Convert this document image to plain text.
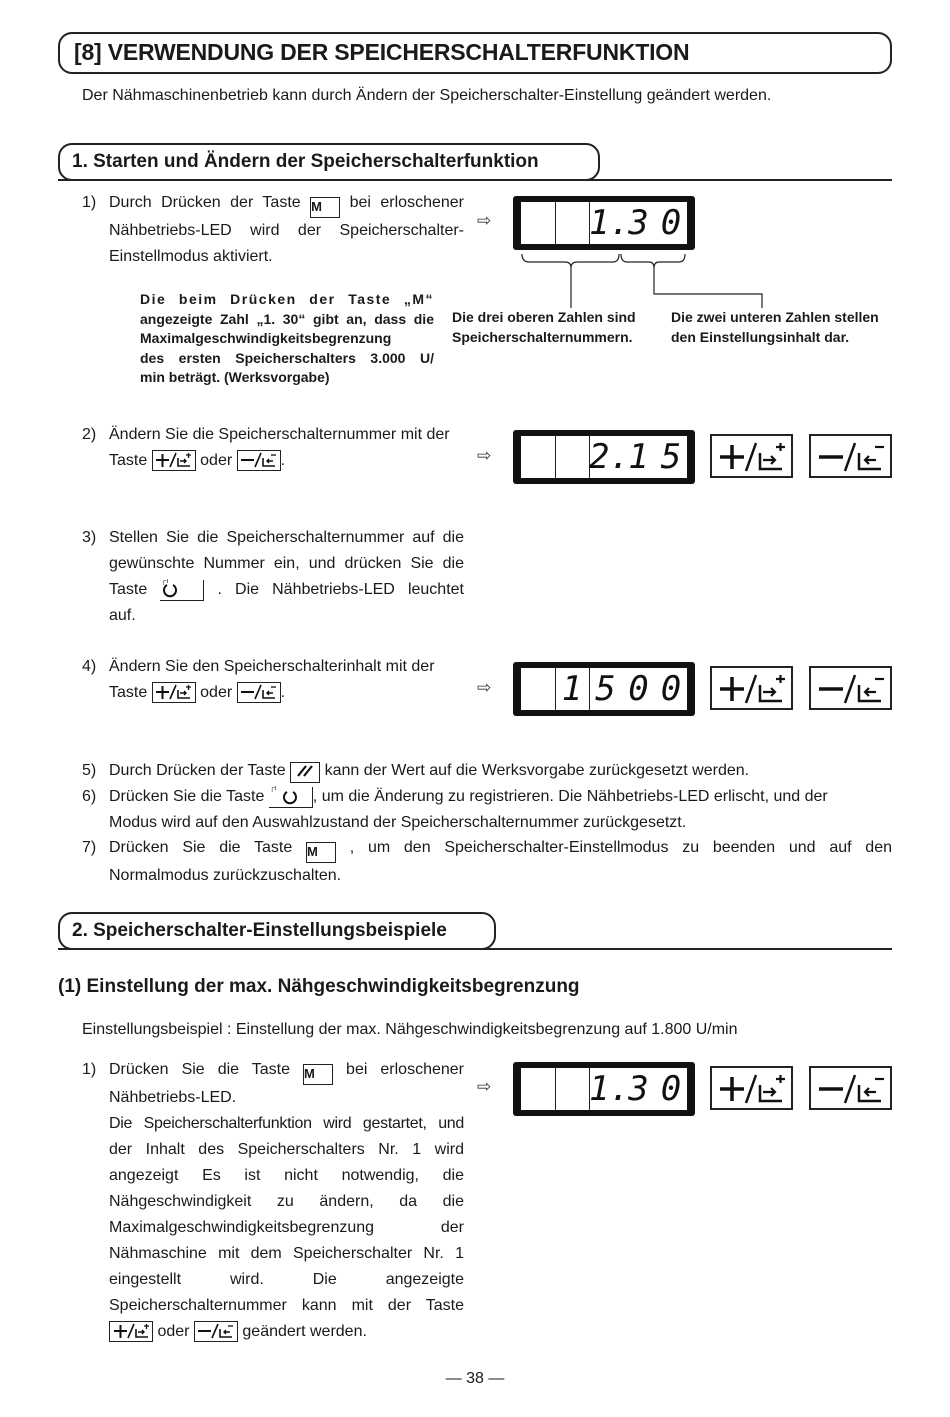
[8] VERWENDUNG DER SPEICHERSCHALTERFUNKTION
Der Nähmaschinenbetrieb kann durch Ändern der Speicherschalter-Einstellung geändert werden.
1. Starten und Ändern der Speicherschalterfunktion
1) Durch Drücken der Taste M bei erloschener
Nähbetriebs-LED wird der Speicherschalter-
Einstellmodus aktiviert.
⇨	1.
3 0
Die beim Drücken der Taste „M“
angezeigte Zahl „1. 30“ gibt an, dass die
Maximalgeschwindigkeitsbegrenzung
des ersten Speicherschalters 3.000 U/
min beträgt. (Werksvorgabe)
Die drei oberen Zahlen sind
Speicherschalternummern.
Die zwei unteren Zahlen stellen
den Einstellungsinhalt dar.
2) Ändern Sie die Speicherschalternummer mit der
Taste	oder	.	⇨	2.
1 5
3) Stellen Sie die Speicherschalternummer auf die
gewünschte Nummer ein, und drücken Sie die
Taste ┌ı	. Die Nähbetriebs-LED leuchtet
auf.
4) Ändern Sie den Speicherschalterinhalt mit der
Taste	oder	.	⇨ 1 5 0 0
5) Durch Drücken der Taste kann der Wert auf die Werksvorgabe zurückgesetzt werden.
6) Drücken Sie die Taste ┌ı , um die Änderung zu registrieren. Die Nähbetriebs-LED erlischt, und der
Modus wird auf den Auswahlzustand der Speicherschalternummer zurückgesetzt.
7) Drücken Sie die Taste M , um den Speicherschalter-Einstellmodus zu beenden und auf den
Normalmodus zurückzuschalten.
2. Speicherschalter-Einstellungsbeispiele
(1) Einstellung der max. Nähgeschwindigkeitsbegrenzung
Einstellungsbeispiel : Einstellung der max. Nähgeschwindigkeitsbegrenzung auf 1.800 U/min
1) Drücken Sie die Taste M bei erloschener
Nähbetriebs-LED.
Die Speicherschalterfunktion wird gestartet, und
der Inhalt des Speicherschalters Nr. 1 wird
angezeigt Es ist nicht notwendig, die
Nähgeschwindigkeit zu ändern, da die
Maximalgeschwindigkeitsbegrenzung der
Nähmaschine mit dem Speicherschalter Nr. 1
eingestellt wird. Die angezeigte
Speicherschalternummer kann mit der Taste
oder	geändert werden.
⇨	1.
3 0
— 38 —
